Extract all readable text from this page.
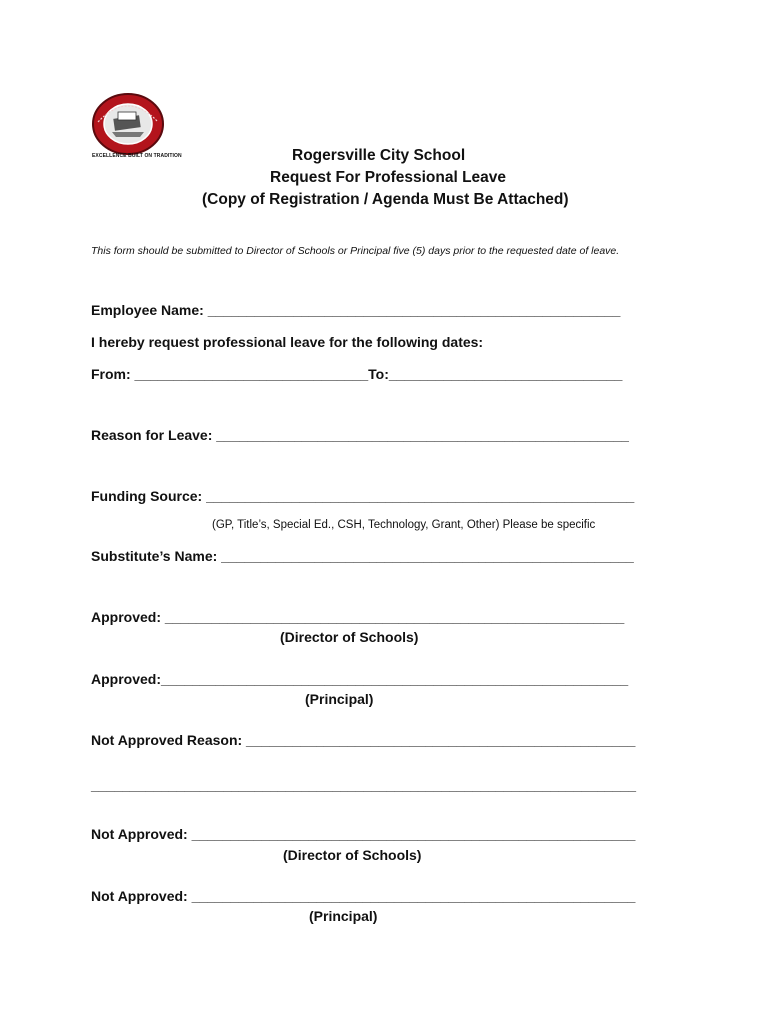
EXCELLENCE BUILT ON TRADITION	Rogersville City School
Request For Professional Leave
(Copy of Registration / Agenda Must Be Attached)
This form should be submitted to Director of Schools or Principal five (5) days prior to the requested date of leave.
Employee Name: _____________________________________________________
I hereby request professional leave for the following dates:
From: ______________________________To:______________________________
Reason for Leave: _____________________________________________________
Funding Source: _______________________________________________________
(GP, Title’s, Special Ed., CSH, Technology, Grant, Other) Please be specific
Substitute’s Name: _____________________________________________________
Approved: ___________________________________________________________
(Director of Schools)
Approved:____________________________________________________________
(Principal)
Not Approved Reason: __________________________________________________
______________________________________________________________________
Not Approved: _________________________________________________________
(Director of Schools)
Not Approved: _________________________________________________________
(Principal)
